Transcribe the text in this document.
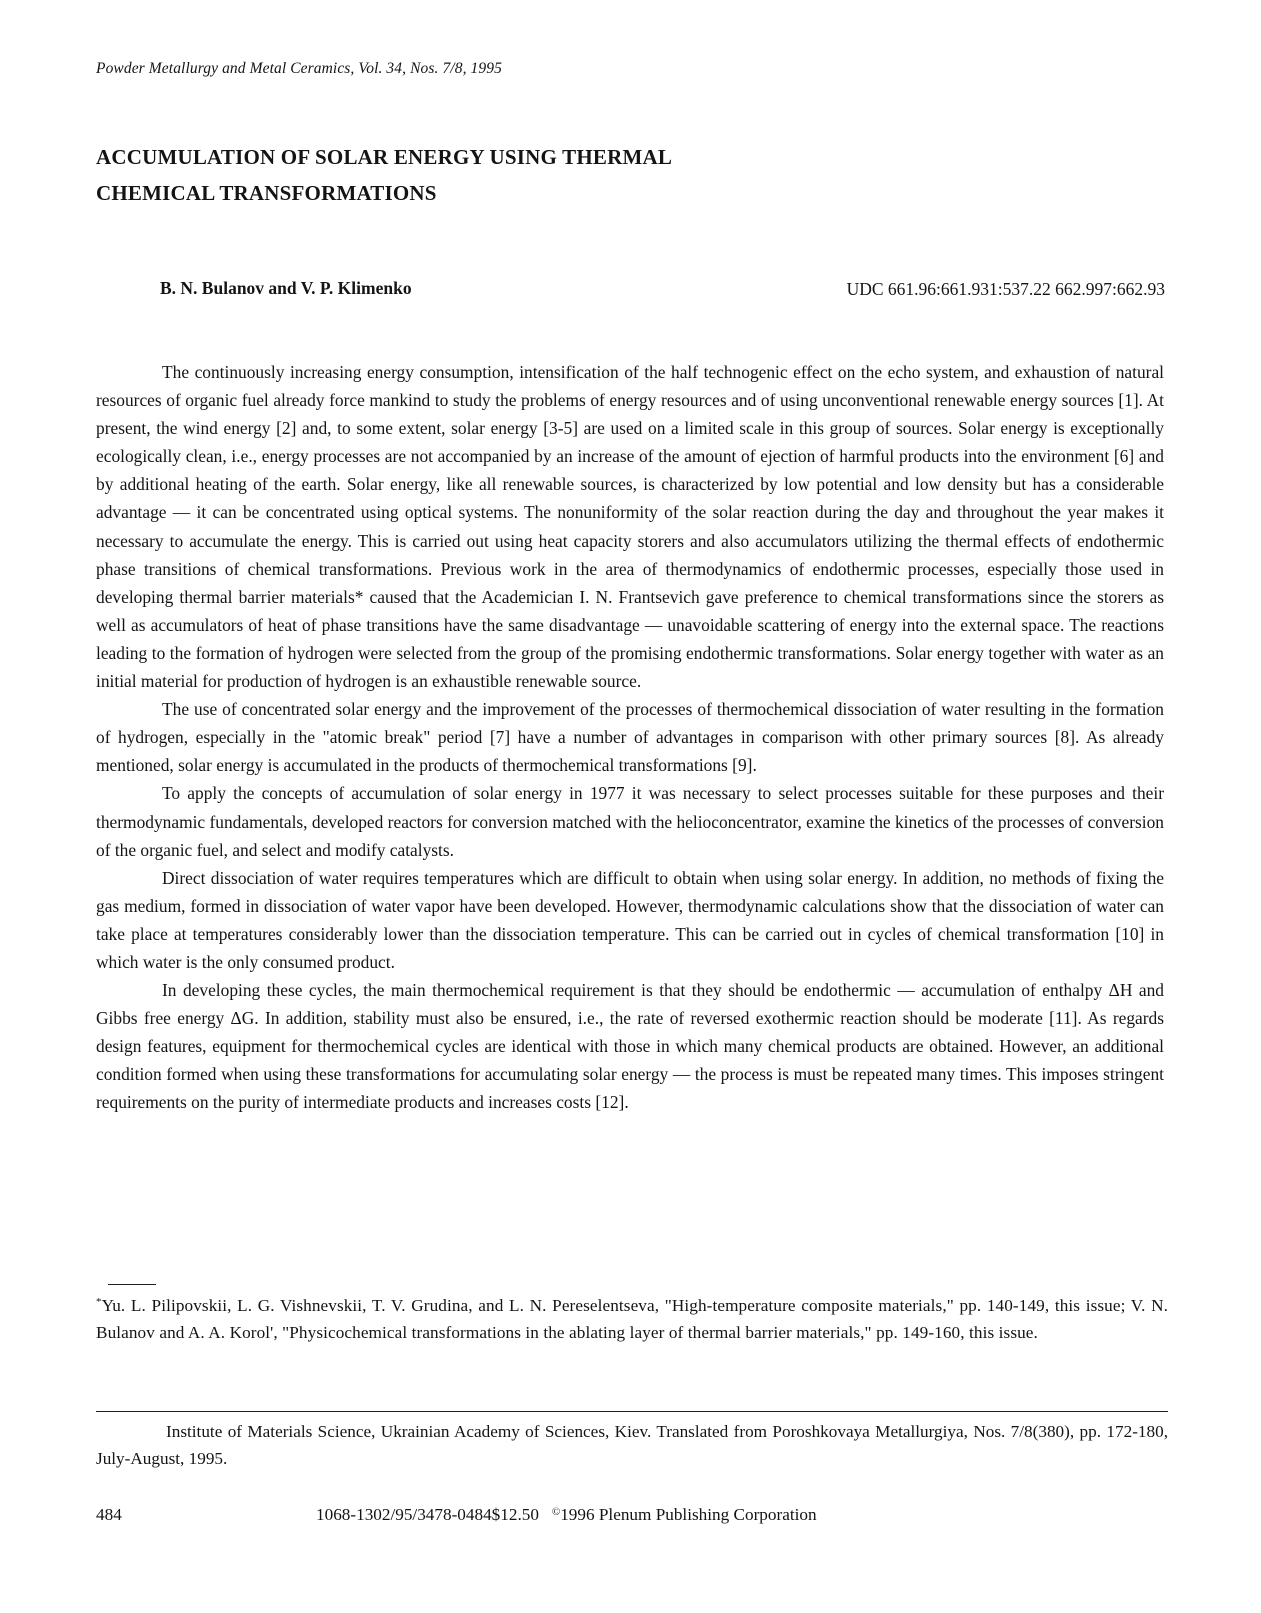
Powder Metallurgy and Metal Ceramics, Vol. 34, Nos. 7/8, 1995
ACCUMULATION OF SOLAR ENERGY USING THERMAL
CHEMICAL TRANSFORMATIONS
B. N. Bulanov and V. P. Klimenko	UDC 661.96:661.931:537.22 662.997:662.93

The continuously increasing energy consumption, intensification of the half technogenic effect on the echo system, and exhaustion of natural resources of organic fuel already force mankind to study the problems of energy resources and of using unconventional renewable energy sources [1]. At present, the wind energy [2] and, to some extent, solar energy [3-5] are used on a limited scale in this group of sources. Solar energy is exceptionally ecologically clean, i.e., energy processes are not accompanied by an increase of the amount of ejection of harmful products into the environment [6] and by additional heating of the earth. Solar energy, like all renewable sources, is characterized by low potential and low density but has a considerable advantage — it can be concentrated using optical systems. The nonuniformity of the solar reaction during the day and throughout the year makes it necessary to accumulate the energy. This is carried out using heat capacity storers and also accumulators utilizing the thermal effects of endothermic phase transitions of chemical transformations. Previous work in the area of thermodynamics of endothermic processes, especially those used in developing thermal barrier materials* caused that the Academician I. N. Frantsevich gave preference to chemical transformations since the storers as well as accumulators of heat of phase transitions have the same disadvantage — unavoidable scattering of energy into the external space. The reactions leading to the formation of hydrogen were selected from the group of the promising endothermic transformations. Solar energy together with water as an initial material for production of hydrogen is an exhaustible renewable source.

The use of concentrated solar energy and the improvement of the processes of thermochemical dissociation of water resulting in the formation of hydrogen, especially in the "atomic break" period [7] have a number of advantages in comparison with other primary sources [8]. As already mentioned, solar energy is accumulated in the products of thermochemical transformations [9].

To apply the concepts of accumulation of solar energy in 1977 it was necessary to select processes suitable for these purposes and their thermodynamic fundamentals, developed reactors for conversion matched with the helioconcentrator, examine the kinetics of the processes of conversion of the organic fuel, and select and modify catalysts.

Direct dissociation of water requires temperatures which are difficult to obtain when using solar energy. In addition, no methods of fixing the gas medium, formed in dissociation of water vapor have been developed. However, thermodynamic calculations show that the dissociation of water can take place at temperatures considerably lower than the dissociation temperature. This can be carried out in cycles of chemical transformation [10] in which water is the only consumed product.

In developing these cycles, the main thermochemical requirement is that they should be endothermic — accumulation of enthalpy ΔH and Gibbs free energy ΔG. In addition, stability must also be ensured, i.e., the rate of reversed exothermic reaction should be moderate [11]. As regards design features, equipment for thermochemical cycles are identical with those in which many chemical products are obtained. However, an additional condition formed when using these transformations for accumulating solar energy — the process is must be repeated many times. This imposes stringent requirements on the purity of intermediate products and increases costs [12].

*Yu. L. Pilipovskii, L. G. Vishnevskii, T. V. Grudina, and L. N. Pereselentseva, "High-temperature composite materials," pp. 140-149, this issue; V. N. Bulanov and A. A. Korol', "Physicochemical transformations in the ablating layer of thermal barrier materials," pp. 149-160, this issue.

Institute of Materials Science, Ukrainian Academy of Sciences, Kiev. Translated from Poroshkovaya Metallurgiya, Nos. 7/8(380), pp. 172-180, July-August, 1995.

484	1068-1302/95/3478-0484$12.50 ©1996 Plenum Publishing Corporation
